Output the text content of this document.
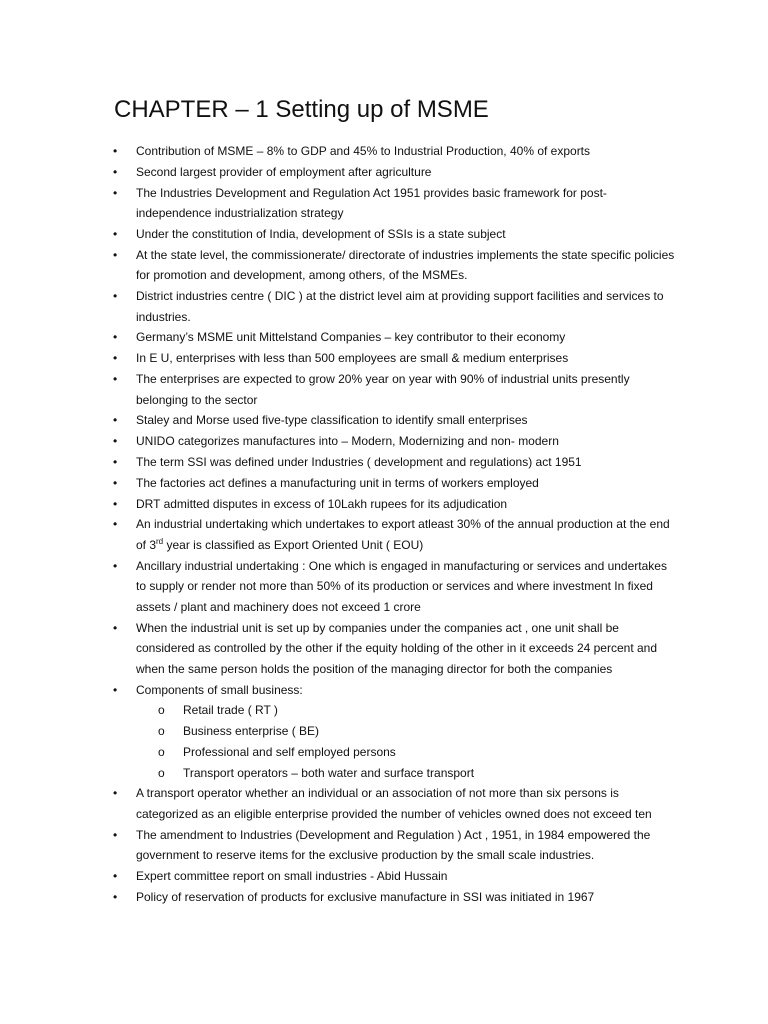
CHAPTER – 1 Setting up of MSME
• Contribution of MSME – 8% to GDP and 45% to Industrial Production, 40% of exports
• Second largest provider of employment after agriculture
• The Industries Development and Regulation Act 1951 provides basic framework for post-independence industrialization strategy
• Under the constitution of India, development of SSIs is a state subject
• At the state level, the commissionerate/ directorate of industries implements the state specific policies for promotion and development, among others, of the MSMEs.
• District industries centre ( DIC ) at the district level aim at providing support facilities and services to industries.
• Germany’s MSME unit Mittelstand Companies – key contributor to their economy
• In E U, enterprises with less than 500 employees are small & medium enterprises
• The enterprises are expected to grow 20% year on year with 90% of industrial units presently belonging to the sector
• Staley and Morse used five-type classification to identify small enterprises
• UNIDO categorizes manufactures into – Modern, Modernizing and non- modern
• The term SSI was defined under Industries ( development and regulations) act 1951
• The factories act defines a manufacturing unit in terms of workers employed
• DRT admitted disputes in excess of 10Lakh rupees for its adjudication
• An industrial undertaking which undertakes to export atleast 30% of the annual production at the end of 3rd year is classified as Export Oriented Unit ( EOU)
• Ancillary industrial undertaking : One which is engaged in manufacturing or services and undertakes to supply or render not more than 50% of its production or services and where investment In fixed assets / plant and machinery does not exceed 1 crore
• When the industrial unit is set up by companies under the companies act , one unit shall be considered as controlled by the other if the equity holding of the other in it exceeds 24 percent and when the same person holds the position of the managing director for both the companies
• Components of small business:
o Retail trade ( RT )
o Business enterprise ( BE)
o Professional and self employed persons
o Transport operators – both water and surface transport
• A transport operator whether an individual or an association of not more than six persons is categorized as an eligible enterprise provided the number of vehicles owned does not exceed ten
• The amendment to Industries (Development and Regulation ) Act , 1951, in 1984 empowered the government to reserve items for the exclusive production by the small scale industries.
• Expert committee report on small industries - Abid Hussain
• Policy of reservation of products for exclusive manufacture in SSI was initiated in 1967
